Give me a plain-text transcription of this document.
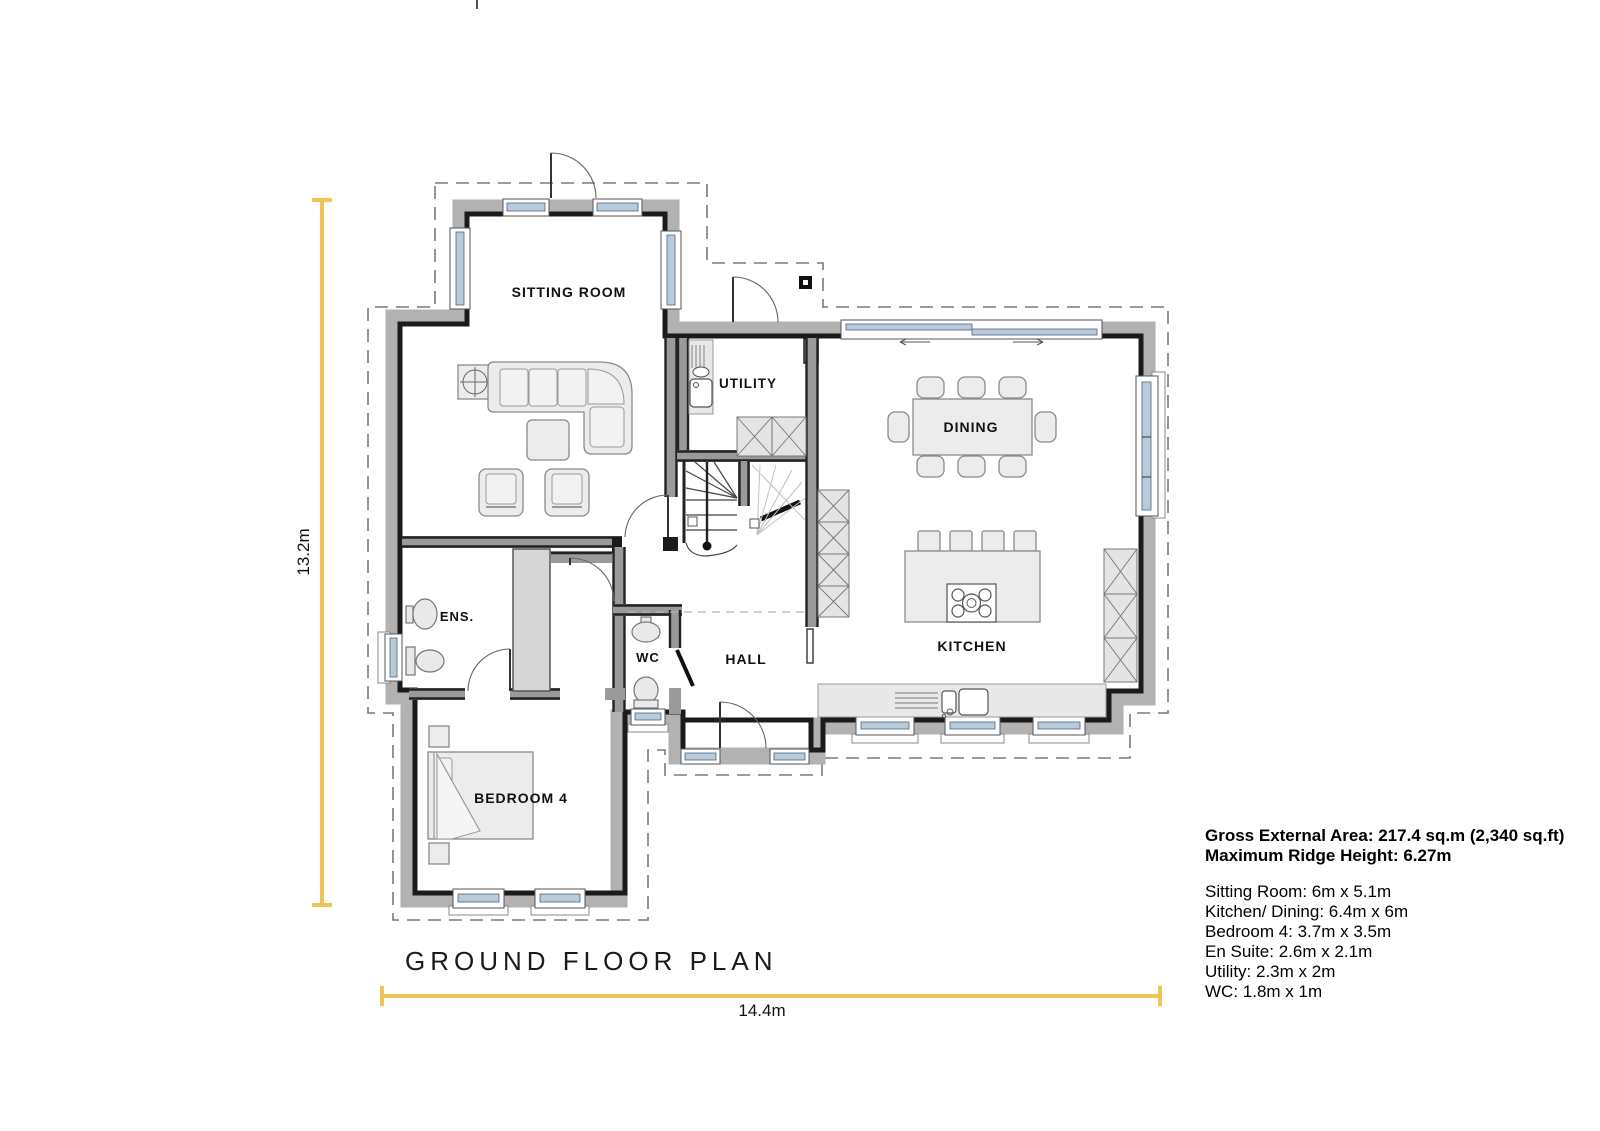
SITTING ROOM
UTILITY
DINING
KITCHEN
ENS.
WC	HALL
BEDROOM 4
13.2m
14.4m
GROUND FLOOR PLAN
Gross External Area: 217.4 sq.m (2,340 sq.ft)
Maximum Ridge Height: 6.27m
Sitting Room: 6m x 5.1m
Kitchen/ Dining: 6.4m x 6m
Bedroom 4: 3.7m x 3.5m
En Suite: 2.6m x 2.1m
Utility: 2.3m x 2m
WC: 1.8m x 1m
